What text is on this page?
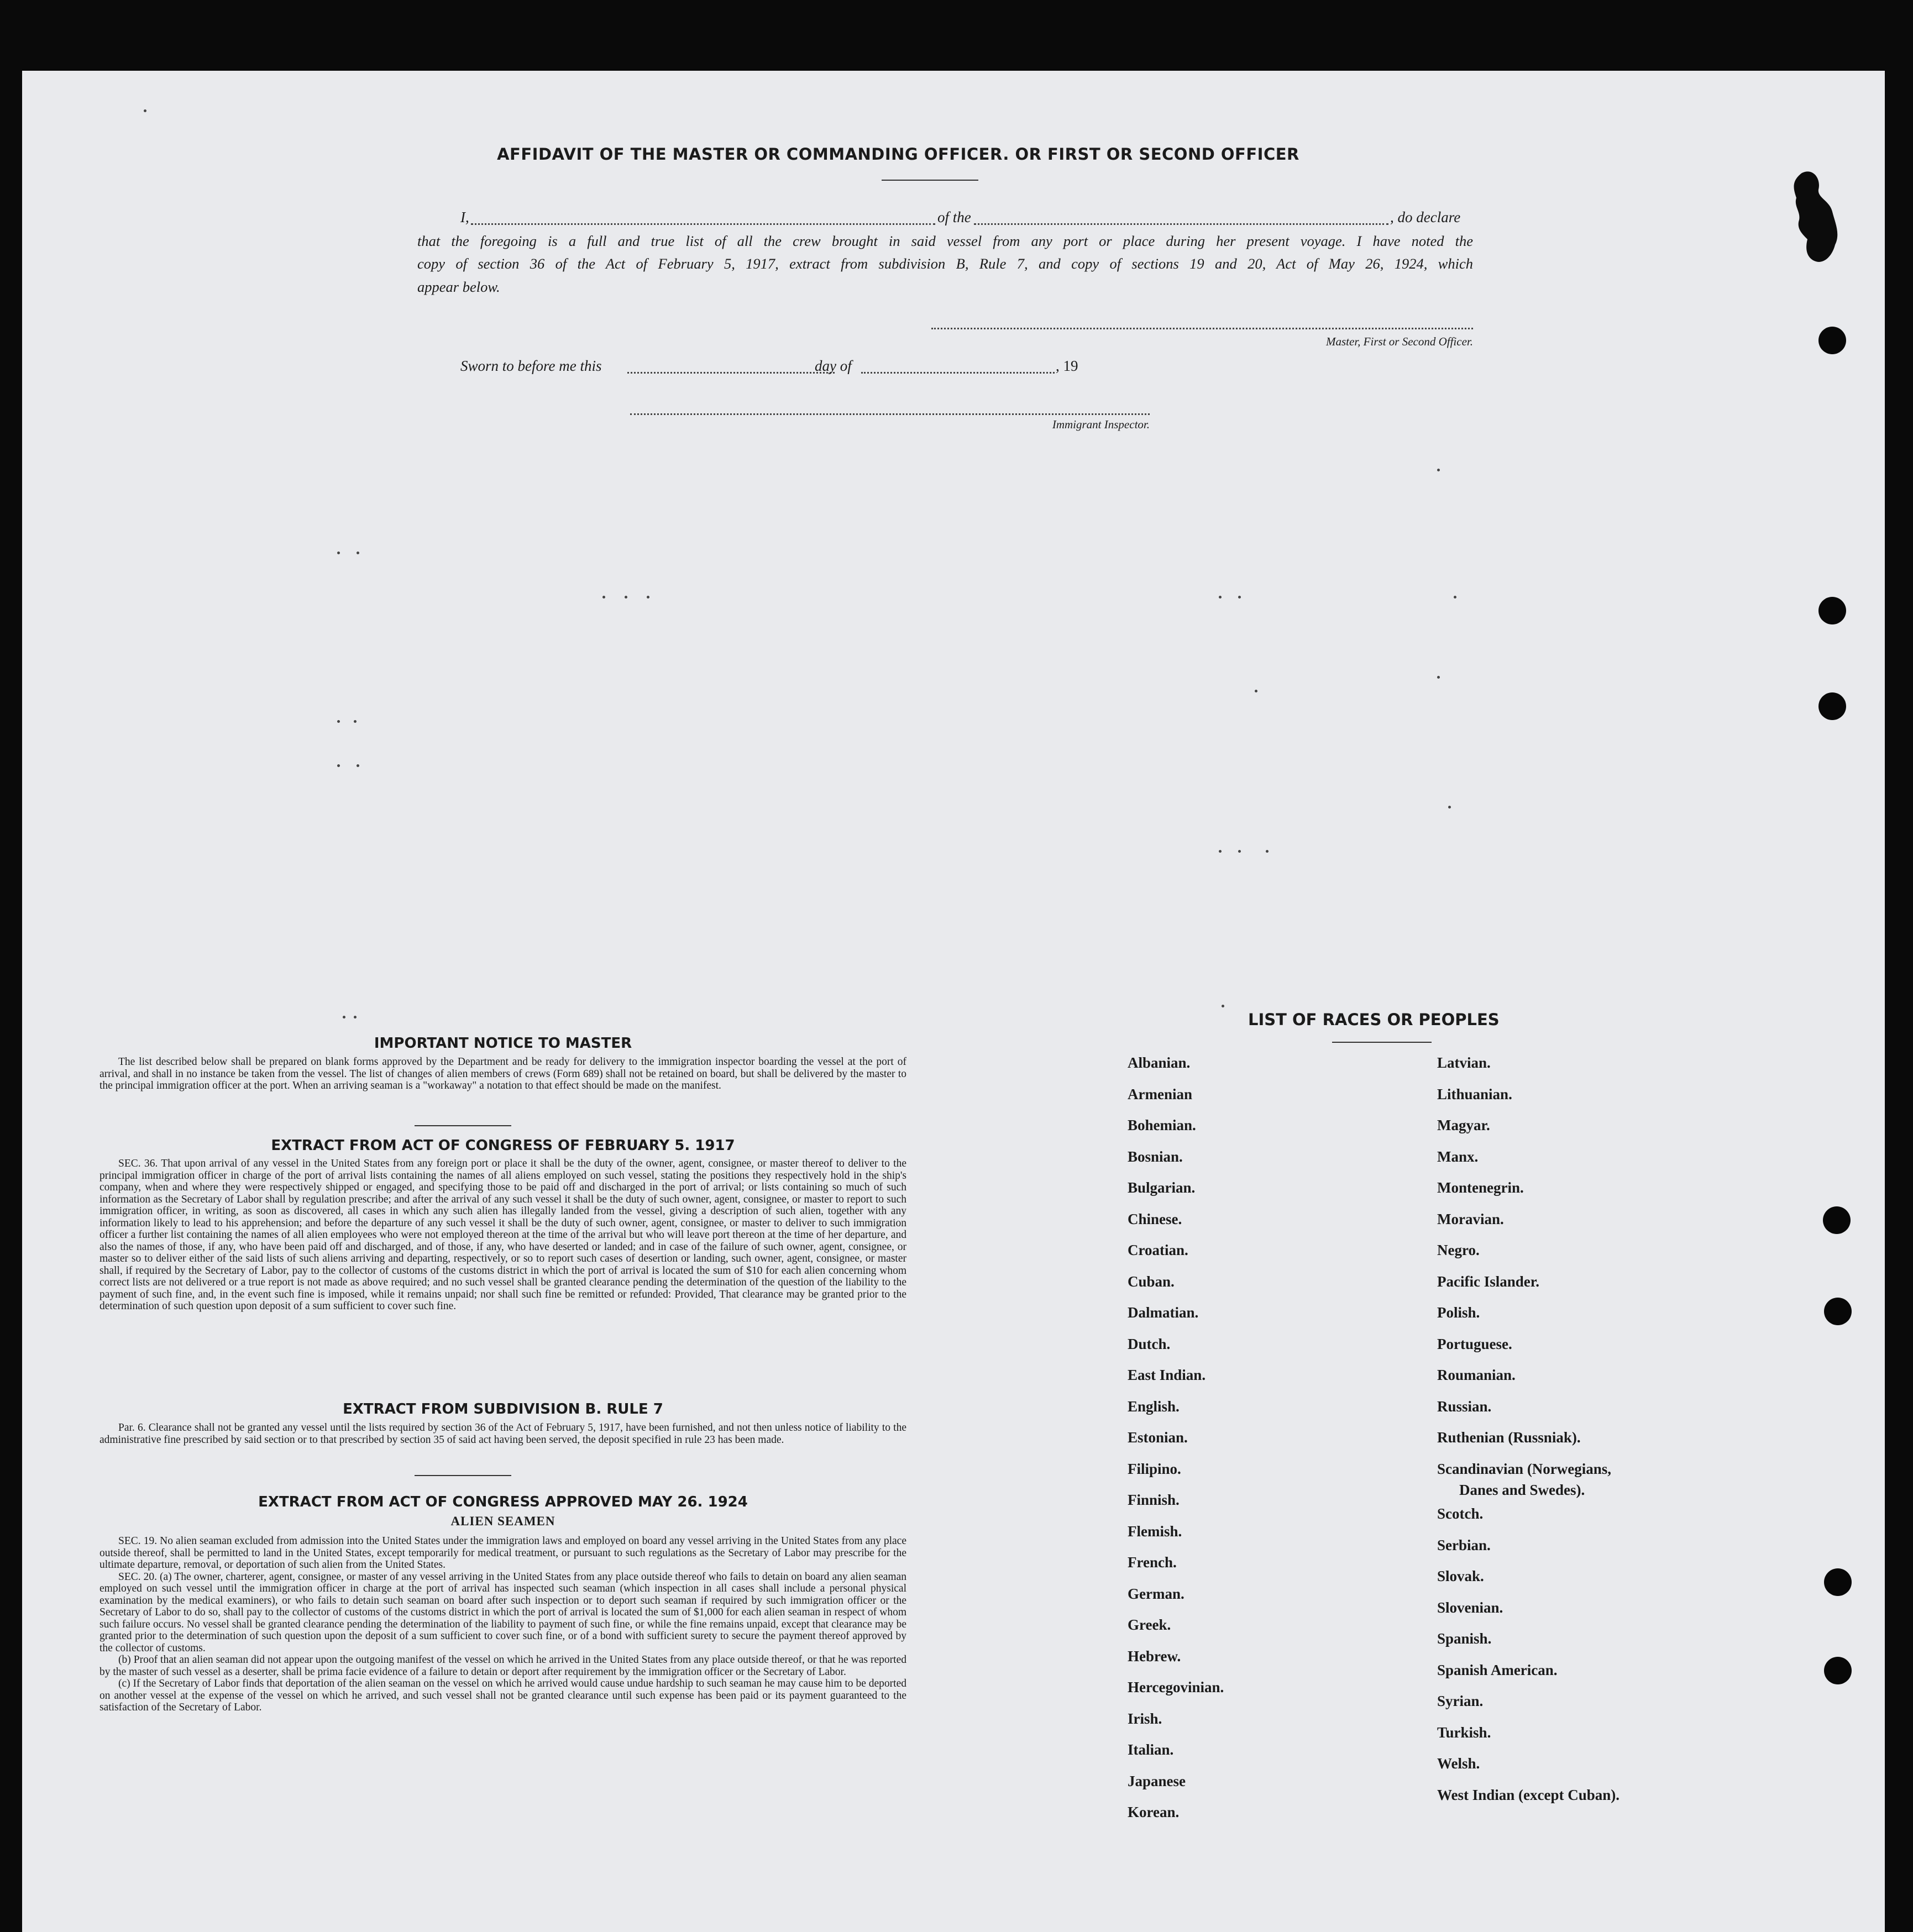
AFFIDAVIT OF THE MASTER OR COMMANDING OFFICER. OR FIRST OR SECOND OFFICER
I,	of the	, do declare
that the foregoing is a full and true list of all the crew brought in said vessel from any port or place during her present voyage. I have noted the
copy of section 36 of the Act of February 5, 1917, extract from subdivision B, Rule 7, and copy of sections 19 and 20, Act of May 26, 1924, which
appear below.
Master, First or Second Officer.
Sworn to before me this	day of	, 19
Immigrant Inspector.
IMPORTANT NOTICE TO MASTER

The list described below shall be prepared on blank forms approved by the Department and be ready for delivery to the immigration inspector boarding the vessel at the port of arrival, and shall in no instance be taken from the vessel. The list of changes of alien members of crews (Form 689) shall not be retained on board, but shall be delivered by the master to the principal immigration officer at the port. When an arriving seaman is a "workaway" a notation to that effect should be made on the manifest.

EXTRACT FROM ACT OF CONGRESS OF FEBRUARY 5. 1917

SEC. 36. That upon arrival of any vessel in the United States from any foreign port or place it shall be the duty of the owner, agent, consignee, or master thereof to deliver to the principal immigration officer in charge of the port of arrival lists containing the names of all aliens employed on such vessel, stating the positions they respectively hold in the ship's company, when and where they were respectively shipped or engaged, and specifying those to be paid off and discharged in the port of arrival; or lists containing so much of such information as the Secretary of Labor shall by regulation prescribe; and after the arrival of any such vessel it shall be the duty of such owner, agent, consignee, or master to report to such immigration officer, in writing, as soon as discovered, all cases in which any such alien has illegally landed from the vessel, giving a description of such alien, together with any information likely to lead to his apprehension; and before the departure of any such vessel it shall be the duty of such owner, agent, consignee, or master to deliver to such immigration officer a further list containing the names of all alien employees who were not employed thereon at the time of the arrival but who will leave port thereon at the time of her departure, and also the names of those, if any, who have been paid off and discharged, and of those, if any, who have deserted or landed; and in case of the failure of such owner, agent, consignee, or master so to deliver either of the said lists of such aliens arriving and departing, respectively, or so to report such cases of desertion or landing, such owner, agent, consignee, or master shall, if required by the Secretary of Labor, pay to the collector of customs of the customs district in which the port of arrival is located the sum of $10 for each alien concerning whom correct lists are not delivered or a true report is not made as above required; and no such vessel shall be granted clearance pending the determination of the question of the liability to the payment of such fine, and, in the event such fine is imposed, while it remains unpaid; nor shall such fine be remitted or refunded: Provided, That clearance may be granted prior to the determination of such question upon deposit of a sum sufficient to cover such fine.

EXTRACT FROM SUBDIVISION B. RULE 7

Par. 6. Clearance shall not be granted any vessel until the lists required by section 36 of the Act of February 5, 1917, have been furnished, and not then unless notice of liability to the administrative fine prescribed by said section or to that prescribed by section 35 of said act having been served, the deposit specified in rule 23 has been made.

EXTRACT FROM ACT OF CONGRESS APPROVED MAY 26. 1924
ALIEN SEAMEN

SEC. 19. No alien seaman excluded from admission into the United States under the immigration laws and employed on board any vessel arriving in the United States from any place outside thereof, shall be permitted to land in the United States, except temporarily for medical treatment, or pursuant to such regulations as the Secretary of Labor may prescribe for the ultimate departure, removal, or deportation of such alien from the United States.

SEC. 20. (a) The owner, charterer, agent, consignee, or master of any vessel arriving in the United States from any place outside thereof who fails to detain on board any alien seaman employed on such vessel until the immigration officer in charge at the port of arrival has inspected such seaman (which inspection in all cases shall include a personal physical examination by the medical examiners), or who fails to detain such seaman on board after such inspection or to deport such seaman if required by such immigration officer or the Secretary of Labor to do so, shall pay to the collector of customs of the customs district in which the port of arrival is located the sum of $1,000 for each alien seaman in respect of whom such failure occurs. No vessel shall be granted clearance pending the determination of the liability to payment of such fine, or while the fine remains unpaid, except that clearance may be granted prior to the determination of such question upon the deposit of a sum sufficient to cover such fine, or of a bond with sufficient surety to secure the payment thereof approved by the collector of customs.

(b) Proof that an alien seaman did not appear upon the outgoing manifest of the vessel on which he arrived in the United States from any place outside thereof, or that he was reported by the master of such vessel as a deserter, shall be prima facie evidence of a failure to detain or deport after requirement by the immigration officer or the Secretary of Labor.

(c) If the Secretary of Labor finds that deportation of the alien seaman on the vessel on which he arrived would cause undue hardship to such seaman he may cause him to be deported on another vessel at the expense of the vessel on which he arrived, and such vessel shall not be granted clearance until such expense has been paid or its payment guaranteed to the satisfaction of the Secretary of Labor.

LIST OF RACES OR PEOPLES
Albanian.
Armenian
Bohemian.
Bosnian.
Bulgarian.
Chinese.
Croatian.
Cuban.
Dalmatian.
Dutch.
East Indian.
English.
Estonian.
Filipino.
Finnish.
Flemish.
French.
German.
Greek.
Hebrew.
Hercegovinian.
Irish.
Italian.
Japanese
Korean.
Latvian.
Lithuanian.
Magyar.
Manx.
Montenegrin.
Moravian.
Negro.
Pacific Islander.
Polish.
Portuguese.
Roumanian.
Russian.
Ruthenian (Russniak).
Scandinavian (Norwegians,
Scotch.
Serbian.
Slovak.
Slovenian.
Spanish.
Spanish American.
Syrian.
Turkish.
Welsh.
West Indian (except Cuban).
Danes and Swedes).
